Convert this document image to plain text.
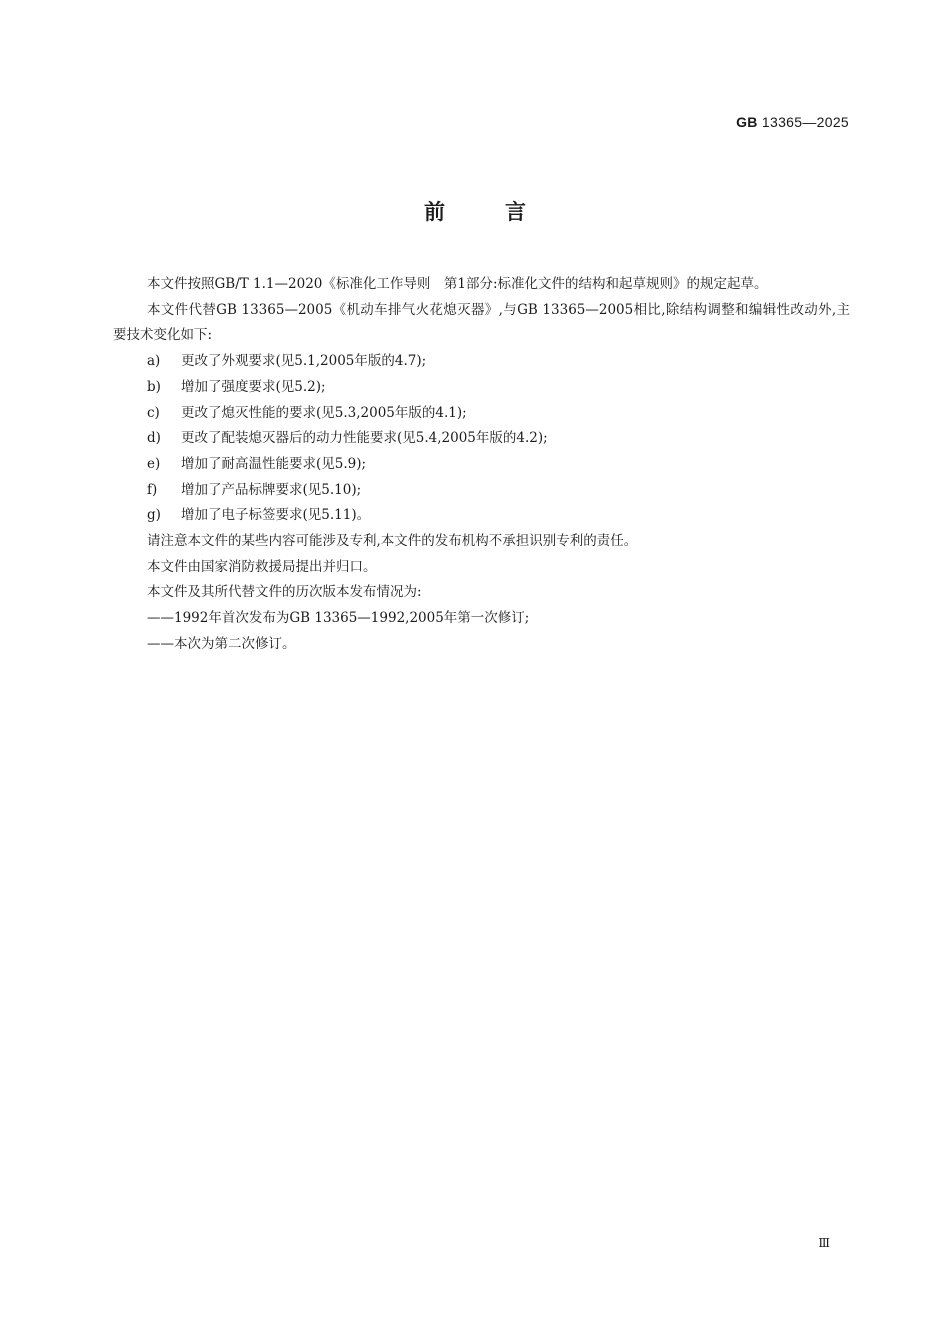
GB 13365—2025
前言

本文件按照GB/T 1.1—2020《标准化工作导则　第1部分:标准化文件的结构和起草规则》的规定起草。

本文件代替GB 13365—2005《机动车排气火花熄灭器》,与GB 13365—2005相比,除结构调整和编辑性改动外,主要技术变化如下:

a) 更改了外观要求(见5.1,2005年版的4.7);

b) 增加了强度要求(见5.2);

c) 更改了熄灭性能的要求(见5.3,2005年版的4.1);

d) 更改了配装熄灭器后的动力性能要求(见5.4,2005年版的4.2);

e) 增加了耐高温性能要求(见5.9);

f) 增加了产品标牌要求(见5.10);

g) 增加了电子标签要求(见5.11)。

请注意本文件的某些内容可能涉及专利,本文件的发布机构不承担识别专利的责任。

本文件由国家消防救援局提出并归口。

本文件及其所代替文件的历次版本发布情况为:

——1992年首次发布为GB 13365—1992,2005年第一次修订;

——本次为第二次修订。

Ⅲ
